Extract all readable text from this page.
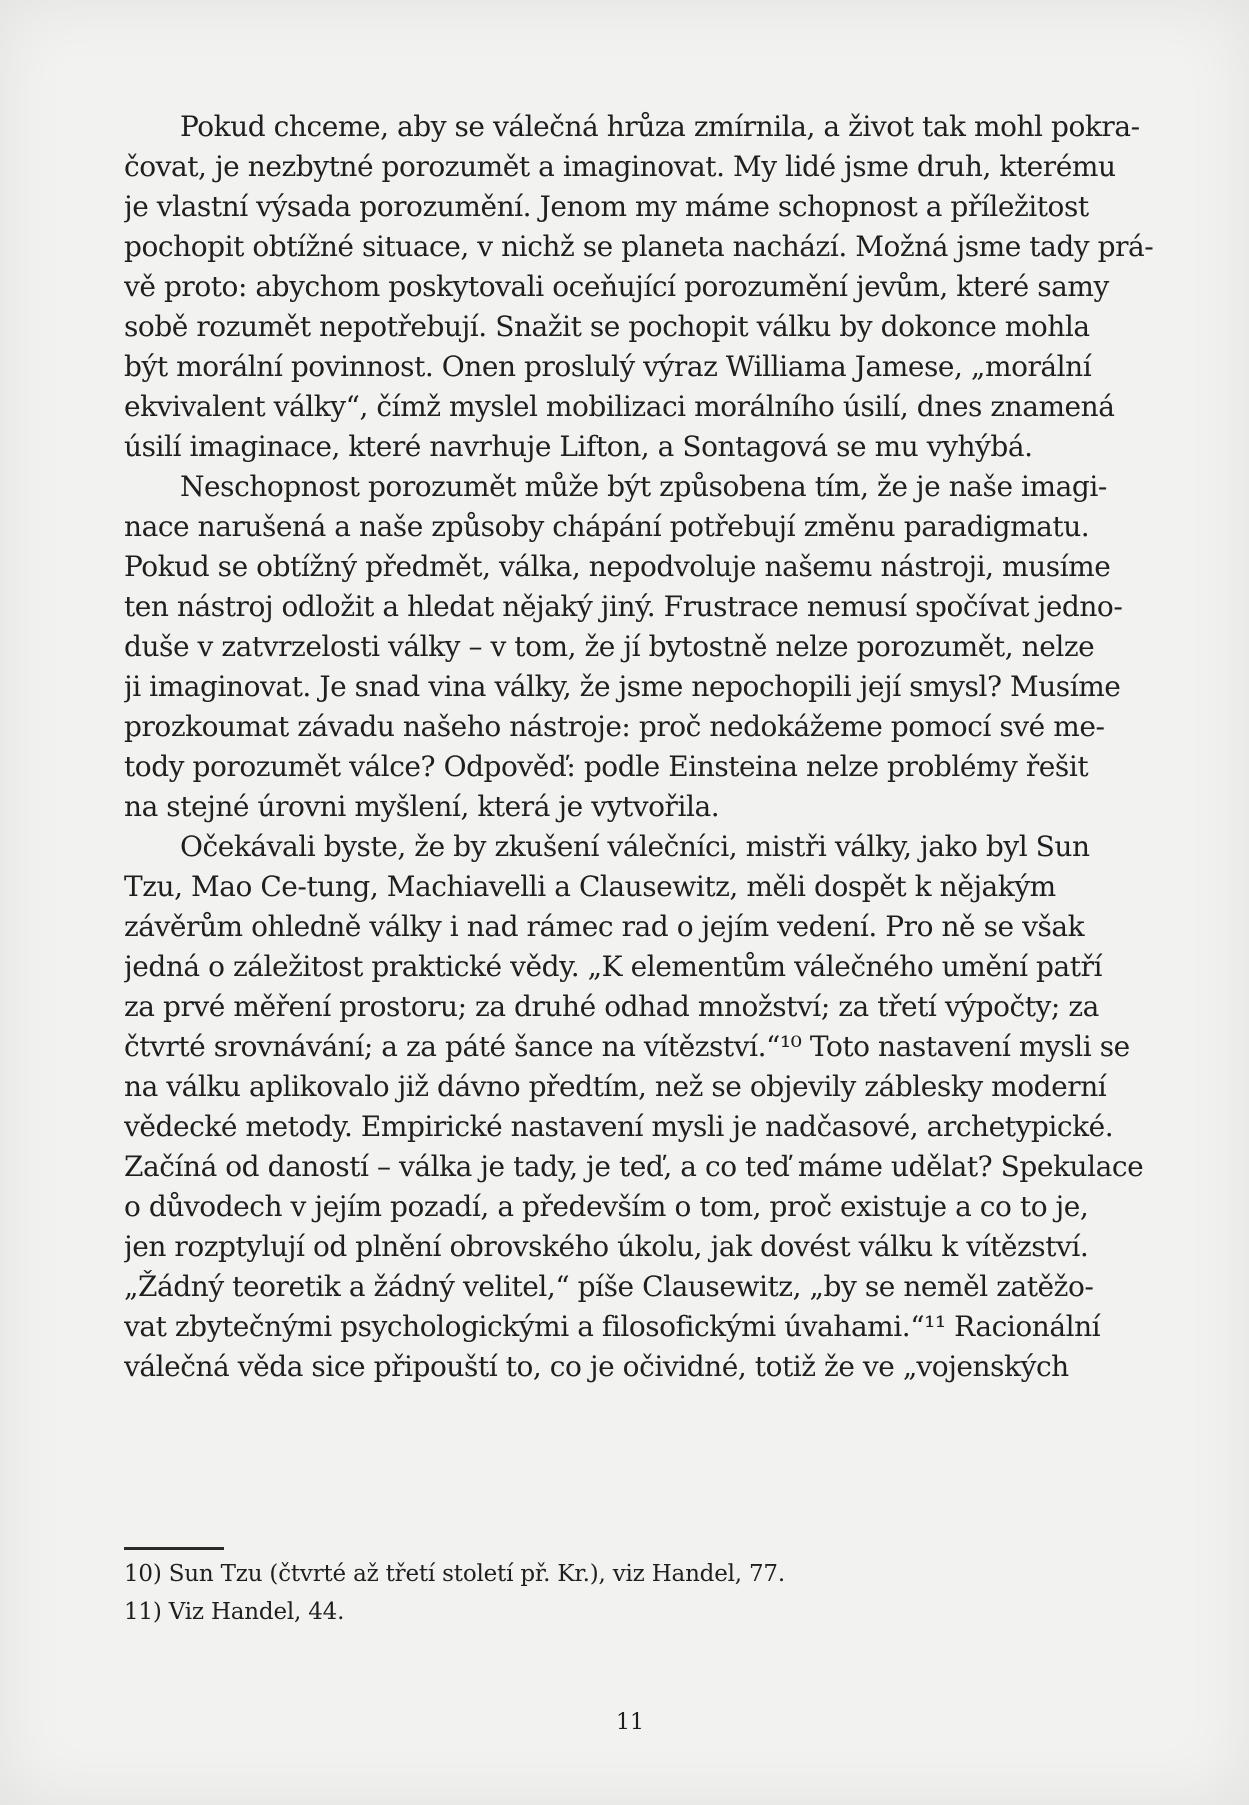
Pokud chceme, aby se válečná hrůza zmírnila, a život tak mohl pokra-
čovat, je nezbytné porozumět a imaginovat. My lidé jsme druh, kterému
je vlastní výsada porozumění. Jenom my máme schopnost a příležitost
pochopit obtížné situace, v nichž se planeta nachází. Možná jsme tady prá-
vě proto: abychom poskytovali oceňující porozumění jevům, které samy
sobě rozumět nepotřebují. Snažit se pochopit válku by dokonce mohla
být morální povinnost. Onen proslulý výraz Williama Jamese, „morální
ekvivalent války“, čímž myslel mobilizaci morálního úsilí, dnes znamená
úsilí imaginace, které navrhuje Lifton, a Sontagová se mu vyhýbá.
Neschopnost porozumět může být způsobena tím, že je naše imagi-
nace narušená a naše způsoby chápání potřebují změnu paradigmatu.
Pokud se obtížný předmět, válka, nepodvoluje našemu nástroji, musíme
ten nástroj odložit a hledat nějaký jiný. Frustrace nemusí spočívat jedno-
duše v zatvrzelosti války – v tom, že jí bytostně nelze porozumět, nelze
ji imaginovat. Je snad vina války, že jsme nepochopili její smysl? Musíme
prozkoumat závadu našeho nástroje: proč nedokážeme pomocí své me-
tody porozumět válce? Odpověď: podle Einsteina nelze problémy řešit
na stejné úrovni myšlení, která je vytvořila.
Očekávali byste, že by zkušení válečníci, mistři války, jako byl Sun
Tzu, Mao Ce-tung, Machiavelli a Clausewitz, měli dospět k nějakým
závěrům ohledně války i nad rámec rad o jejím vedení. Pro ně se však
jedná o záležitost praktické vědy. „K elementům válečného umění patří
za prvé měření prostoru; za druhé odhad množství; za třetí výpočty; za
čtvrté srovnávání; a za páté šance na vítězství.“¹⁰ Toto nastavení mysli se
na válku aplikovalo již dávno předtím, než se objevily záblesky moderní
vědecké metody. Empirické nastavení mysli je nadčasové, archetypické.
Začíná od daností – válka je tady, je teď, a co teď máme udělat? Spekulace
o důvodech v jejím pozadí, a především o tom, proč existuje a co to je,
jen rozptylují od plnění obrovského úkolu, jak dovést válku k vítězství.
„Žádný teoretik a žádný velitel,“ píše Clausewitz, „by se neměl zatěžo-
vat zbytečnými psychologickými a filosofickými úvahami.“¹¹ Racionální
válečná věda sice připouští to, co je očividné, totiž že ve „vojenských
10) Sun Tzu (čtvrté až třetí století př. Kr.), viz Handel, 77.
11) Viz Handel, 44.
11
